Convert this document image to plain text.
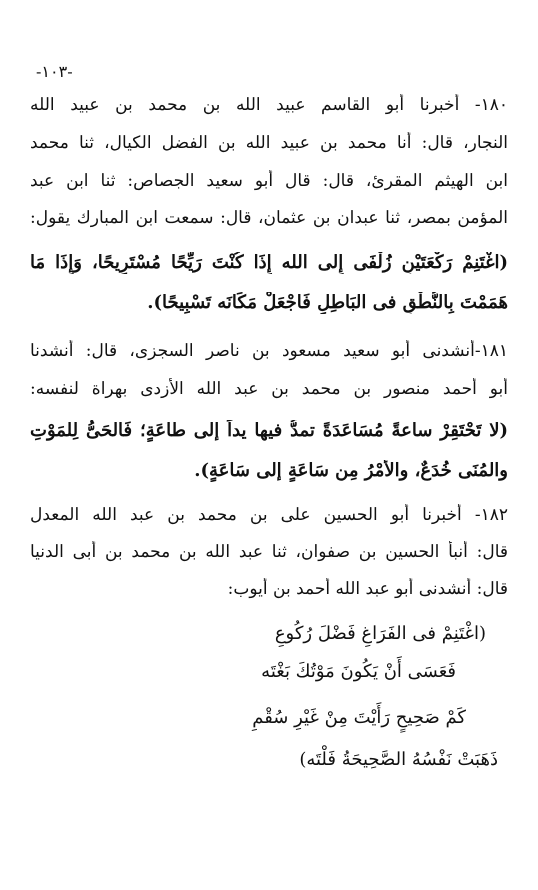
-١٠٣-
١٨٠- أخبرنا أبو القاسم عبيد الله بن محمد بن عبيد الله
النجار، قال: أنا محمد بن عبيد الله بن الفضل الكيال، ثنا محمد
ابن الهيثم المقرئ، قال: قال أبو سعيد الجصاص: ثنا ابن عبد
المؤمن بمصر، ثنا عبدان بن عثمان، قال: سمعت ابن المبارك يقول:
(اغْتَنِمْ رَكْعَتَيْنِ زُلْفَى إِلى الله إِذَا كُنْتَ رَيِّحًا مُسْتَرِيحًا، وَإِذَا مَا
هَمَمْتَ بِالنُّطْقِ فى البَاطِلِ فَاجْعَلْ مَكَانَه تَسْبِيحًا).
١٨١-أنشدنى أبو سعيد مسعود بن ناصر السجزى، قال: أنشدنا
أبو أحمد منصور بن محمد بن عبد الله الأزدى بهراة لنفسه:
(لا تَحْتَقِرْ ساعةً مُسَاعَدَةً تمدُّ فيها يداً إلى طاعَةٍ؛ فَالحَىُّ لِلمَوْتِ
والمُنَى خُدَعٌ، والأَمْرُ مِن سَاعَةٍ إلى سَاعَةٍ).
١٨٢- أخبرنا أبو الحسين على بن محمد بن عبد الله المعدل
قال: أنبأ الحسين بن صفوان، ثنا عبد الله بن محمد بن أبى الدنيا
قال: أنشدنى أبو عبد الله أحمد بن أيوب:
(اغْتَنِمْ فى الفَرَاغِ فَضْلَ رُكُوعِ
فَعَسَى أَنْ يَكُونَ مَوْتُكَ بَغْتَه
كَمْ صَحِيحٍ رَأَيْتَ مِنْ غَيْرِ سُقْمِ
ذَهَبَتْ نَفْسُهُ الصَّحِيحَةُ فَلْتَه)
